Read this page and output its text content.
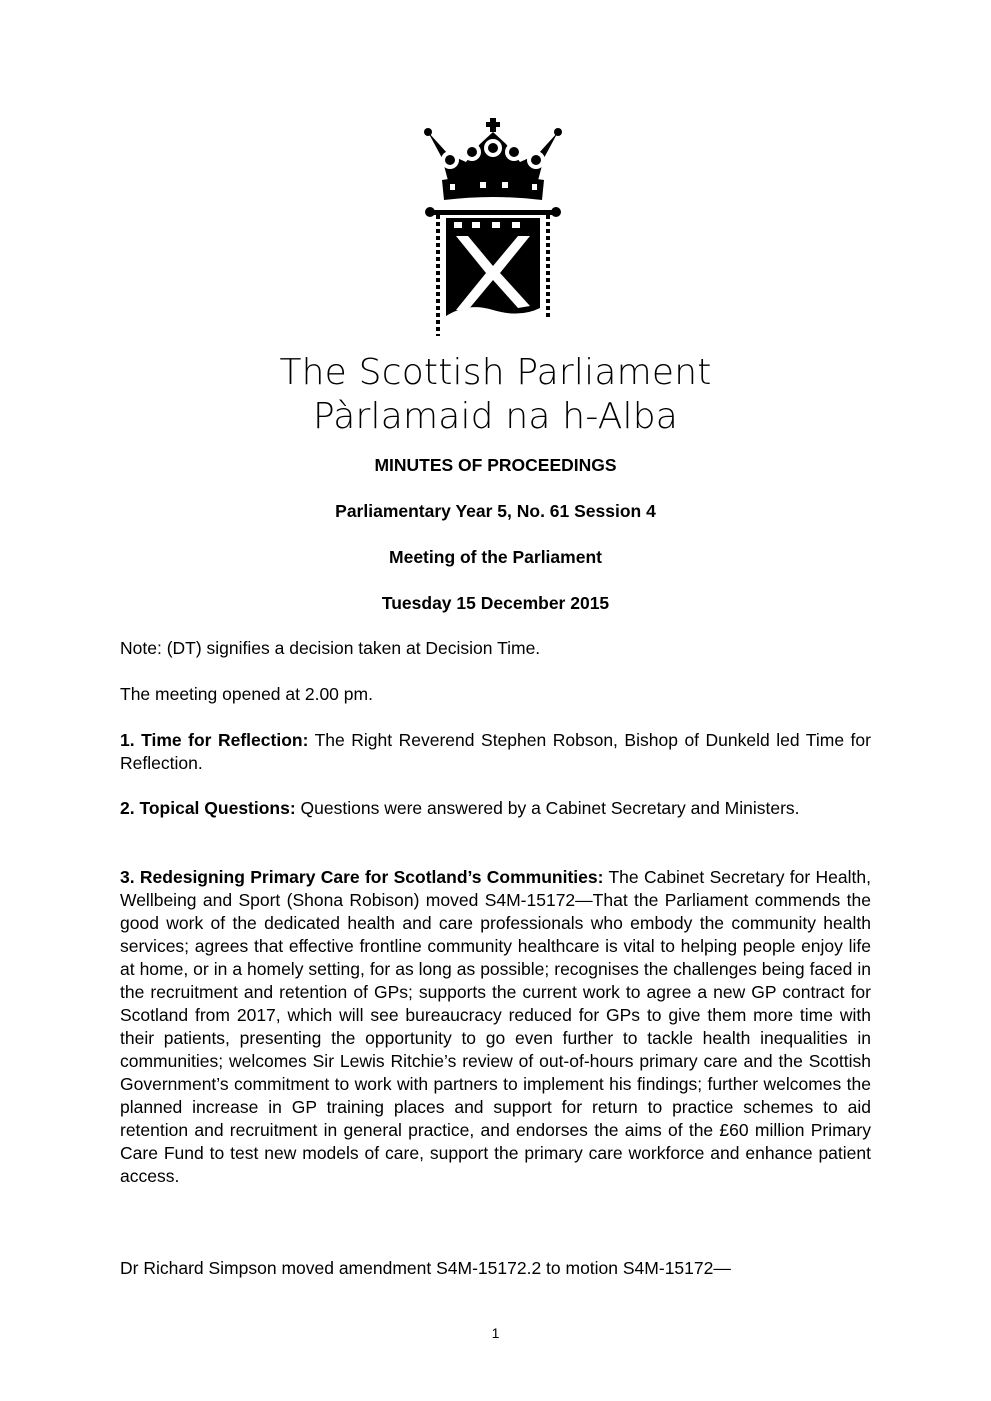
The Scottish Parliament
Pàrlamaid na h-Alba
MINUTES OF PROCEEDINGS
Parliamentary Year 5, No. 61 Session 4
Meeting of the Parliament
Tuesday 15 December 2015

Note: (DT) signifies a decision taken at Decision Time.

The meeting opened at 2.00 pm.

1. Time for Reflection: The Right Reverend Stephen Robson, Bishop of Dunkeld led Time for Reflection.

2. Topical Questions: Questions were answered by a Cabinet Secretary and Ministers.

3. Redesigning Primary Care for Scotland’s Communities: The Cabinet Secretary for Health, Wellbeing and Sport (Shona Robison) moved S4M-15172—That the Parliament commends the good work of the dedicated health and care professionals who embody the community health services; agrees that effective frontline community healthcare is vital to helping people enjoy life at home, or in a homely setting, for as long as possible; recognises the challenges being faced in the recruitment and retention of GPs; supports the current work to agree a new GP contract for Scotland from 2017, which will see bureaucracy reduced for GPs to give them more time with their patients, presenting the opportunity to go even further to tackle health inequalities in communities; welcomes Sir Lewis Ritchie’s review of out-of-hours primary care and the Scottish Government’s commitment to work with partners to implement his findings; further welcomes the planned increase in GP training places and support for return to practice schemes to aid retention and recruitment in general practice, and endorses the aims of the £60 million Primary Care Fund to test new models of care, support the primary care workforce and enhance patient access.

Dr Richard Simpson moved amendment S4M-15172.2 to motion S4M-15172—

1
